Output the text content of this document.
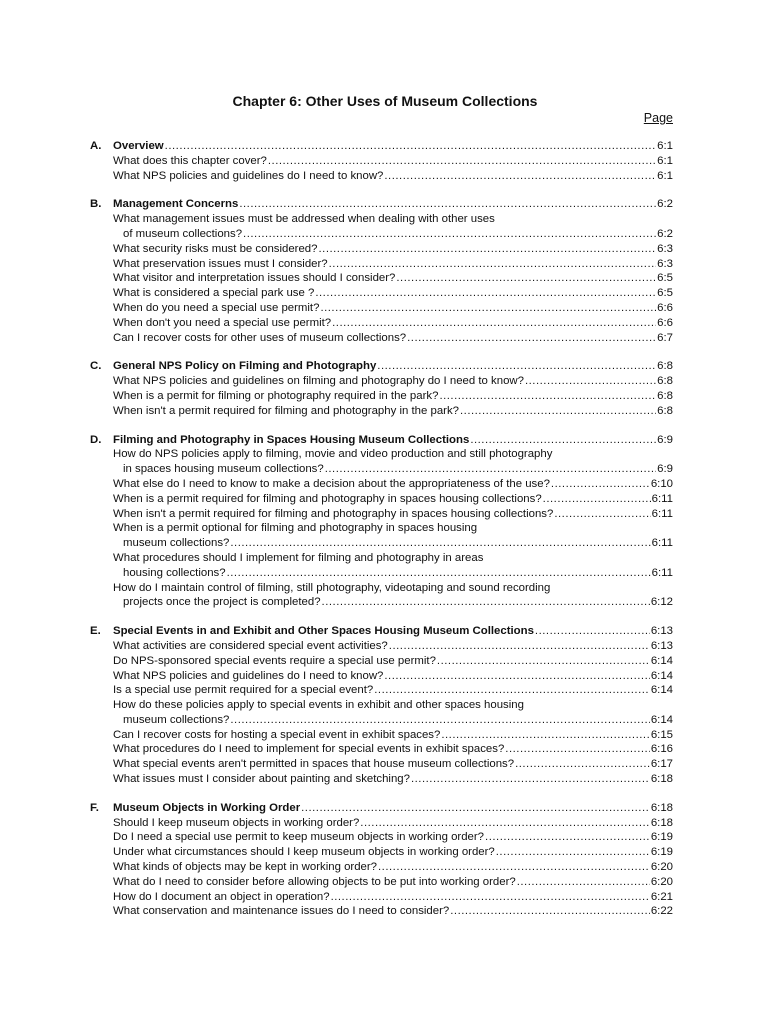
Chapter 6: Other Uses of Museum Collections
Page
A.	Overview .....	6:1
What does this chapter cover? .....	6:1
What NPS policies and guidelines do I need to know? .....	6:1
B.	Management Concerns .....	6:2
What management issues must be addressed when dealing with other uses
of museum collections? .....	6:2
What security risks must be considered? .....	6:3
What preservation issues must I consider? .....	6:3
What visitor and interpretation issues should I consider? .....	6:5
What is considered a special park use ? .....	6:5
When do you need a special use permit? .....	6:6
When don't you need a special use permit? .....	6:6
Can I recover costs for other uses of museum collections? .....	6:7
C.	General NPS Policy on Filming and Photography .....	6:8
What NPS policies and guidelines on filming and photography do I need to know? .....	6:8
When is a permit for filming or photography required in the park? .....	6:8
When isn't a permit required for filming and photography in the park? .....	6:8
D.	Filming and Photography in Spaces Housing Museum Collections .....	6:9
How do NPS policies apply to filming, movie and video production and still photography
in spaces housing museum collections? .....	6:9
What else do I need to know to make a decision about the appropriateness of the use? .....	6:10
When is a permit required for filming and photography in spaces housing collections? .....	6:11
When isn't a permit required for filming and photography in spaces housing collections? .....	6:11
When is a permit optional for filming and photography in spaces housing
museum collections? .....	6:11
What procedures should I implement for filming and photography in areas
housing collections? .....	6:11
How do I maintain control of filming, still photography, videotaping and sound recording
projects once the project is completed? .....	6:12
E.	Special Events in and Exhibit and Other Spaces Housing Museum Collections .....	6:13
What activities are considered special event activities? .....	6:13
Do NPS-sponsored special events require a special use permit? .....	6:14
What NPS policies and guidelines do I need to know? .....	6:14
Is a special use permit required for a special event? .....	6:14
How do these policies apply to special events in exhibit and other spaces housing
museum collections? .....	6:14
Can I recover costs for hosting a special event in exhibit spaces? .....	6:15
What procedures do I need to implement for special events in exhibit spaces? .....	6:16
What special events aren't permitted in spaces that house museum collections? .....	6:17
What issues must I consider about painting and sketching? .....	6:18
F.	Museum Objects in Working Order .....	6:18
Should I keep museum objects in working order? .....	6:18
Do I need a special use permit to keep museum objects in working order? .....	6:19
Under what circumstances should I keep museum objects in working order? .....	6:19
What kinds of objects may be kept in working order? .....	6:20
What do I need to consider before allowing objects to be put into working order? .....	6:20
How do I document an object in operation? .....	6:21
What conservation and maintenance issues do I need to consider? .....	6:22
